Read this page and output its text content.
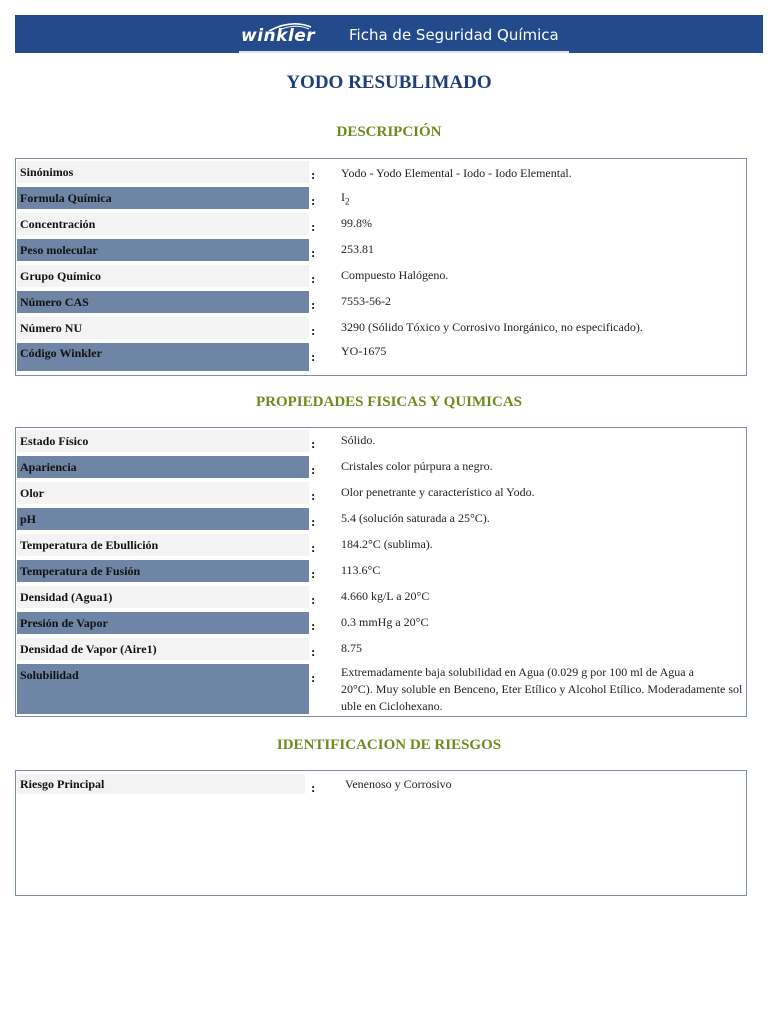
winkler Ficha de Seguridad Química
YODO RESUBLIMADO
DESCRIPCIÓN
Sinónimos	: Yodo - Yodo Elemental - Iodo - Iodo Elemental.
Formula Química	: $I_2$
Concentración	: 99.8%
Peso molecular	: 253.81
Grupo Químico	: Compuesto Halógeno.
Número CAS	: 7553-56-2
Número NU	: 3290 (Sólido Tóxico y Corrosivo Inorgánico, no especificado).
Código Winkler	: YO-1675
PROPIEDADES FISICAS Y QUIMICAS
Estado Físico	: Sólido.
Apariencia	: Cristales color púrpura a negro.
Olor	: Olor penetrante y característico al Yodo.
pH	: 5.4 (solución saturada a 25°C).
Temperatura de Ebullición	: 184.2°C (sublima).
Temperatura de Fusión	: 113.6°C
Densidad (Agua1)	: 4.660 kg/L a 20°C
Presión de Vapor	: 0.3 mmHg a 20°C
Densidad de Vapor (Aire1)	: 8.75
Solubilidad	: Extremadamente baja solubilidad en Agua (0.029 g por 100 ml de Agua a
20°C). Muy soluble en Benceno, Eter Etílico y Alcohol Etílico. Moderadamente sol
uble en Ciclohexano.
IDENTIFICACION DE RIESGOS
Riesgo Principal	: Venenoso y Corrosivo
